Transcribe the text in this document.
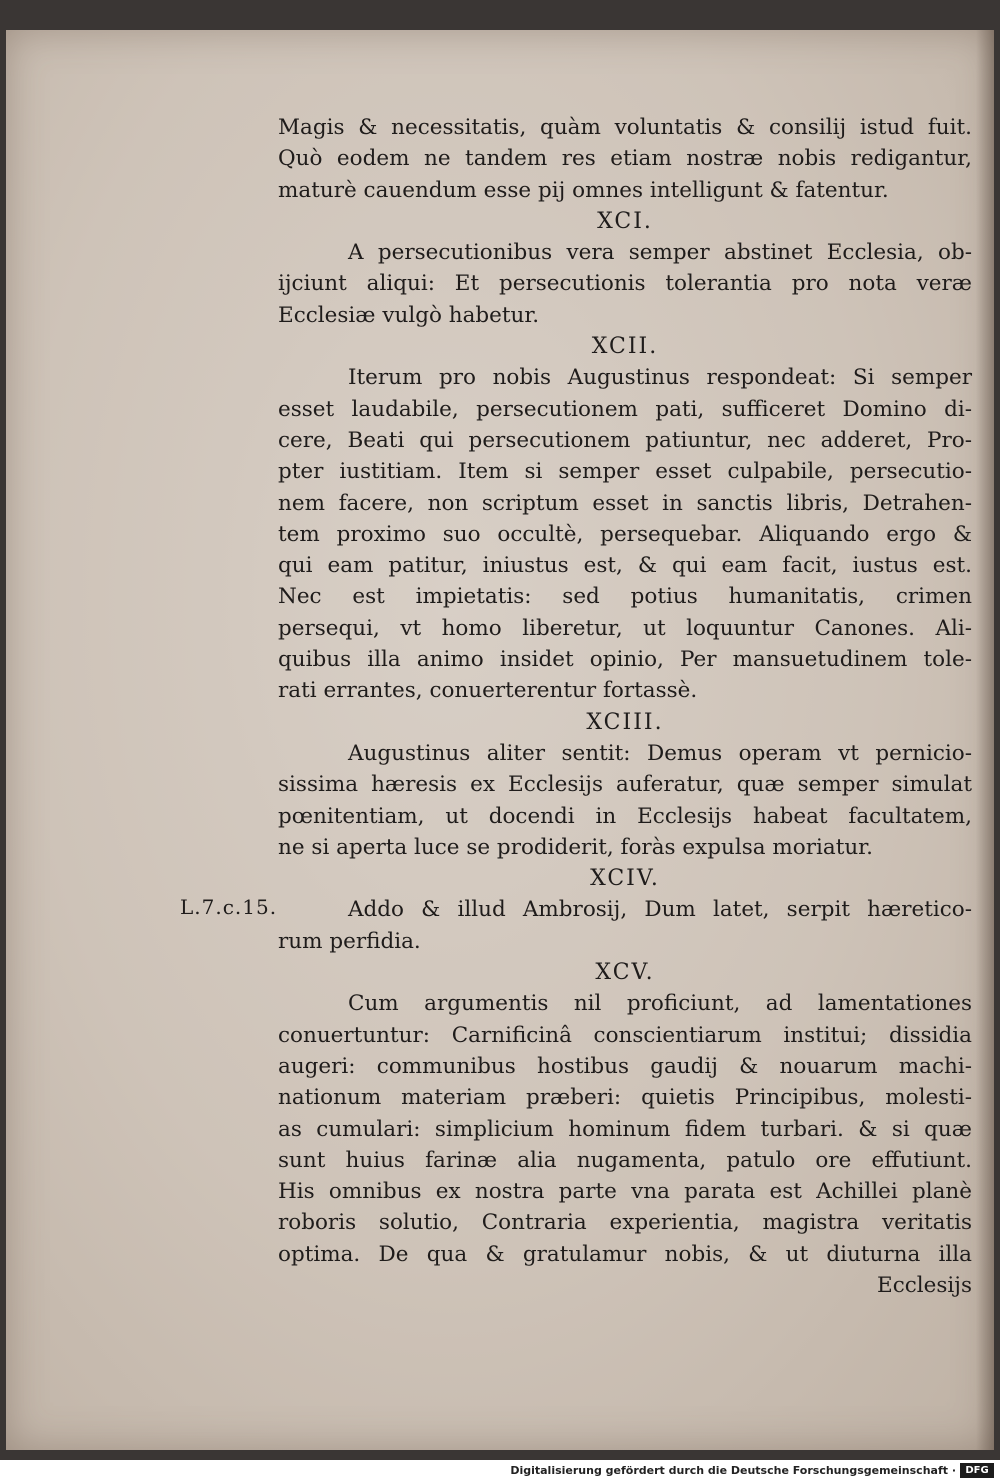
L.7.c.15.
Magis & necessitatis, quàm voluntatis & consilij istud fuit.
Quò eodem ne tandem res etiam nostræ nobis redigantur,
maturè cauendum esse pij omnes intelligunt & fatentur.
XCI.
A persecutionibus vera semper abstinet Ecclesia, ob-
ijciunt aliqui: Et persecutionis tolerantia pro nota veræ
Ecclesiæ vulgò habetur.
XCII.
Iterum pro nobis Augustinus respondeat: Si semper
esset laudabile, persecutionem pati, sufficeret Domino di-
cere, Beati qui persecutionem patiuntur, nec adderet, Pro-
pter iustitiam. Item si semper esset culpabile, persecutio-
nem facere, non scriptum esset in sanctis libris, Detrahen-
tem proximo suo occultè, persequebar. Aliquando ergo &
qui eam patitur, iniustus est, & qui eam facit, iustus est.
Nec est impietatis: sed potius humanitatis, crimen
persequi, vt homo liberetur, ut loquuntur Canones. Ali-
quibus illa animo insidet opinio, Per mansuetudinem tole-
rati errantes, conuerterentur fortassè.
XCIII.
Augustinus aliter sentit: Demus operam vt pernicio-
sissima hæresis ex Ecclesijs auferatur, quæ semper simulat
pœnitentiam, ut docendi in Ecclesijs habeat facultatem,
ne si aperta luce se prodiderit, foràs expulsa moriatur.
XCIV.
Addo & illud Ambrosij, Dum latet, serpit hæretico-
rum perfidia.
XCV.
Cum argumentis nil proficiunt, ad lamentationes
conuertuntur: Carnificinâ conscientiarum institui; dissidia
augeri: communibus hostibus gaudij & nouarum machi-
nationum materiam præberi: quietis Principibus, molesti-
as cumulari: simplicium hominum fidem turbari. & si quæ
sunt huius farinæ alia nugamenta, patulo ore effutiunt.
His omnibus ex nostra parte vna parata est Achillei planè
roboris solutio, Contraria experientia, magistra veritatis
optima. De qua & gratulamur nobis, & ut diuturna illa
Ecclesijs
Digitalisierung gefördert durch die Deutsche Forschungsgemeinschaft · DFG
